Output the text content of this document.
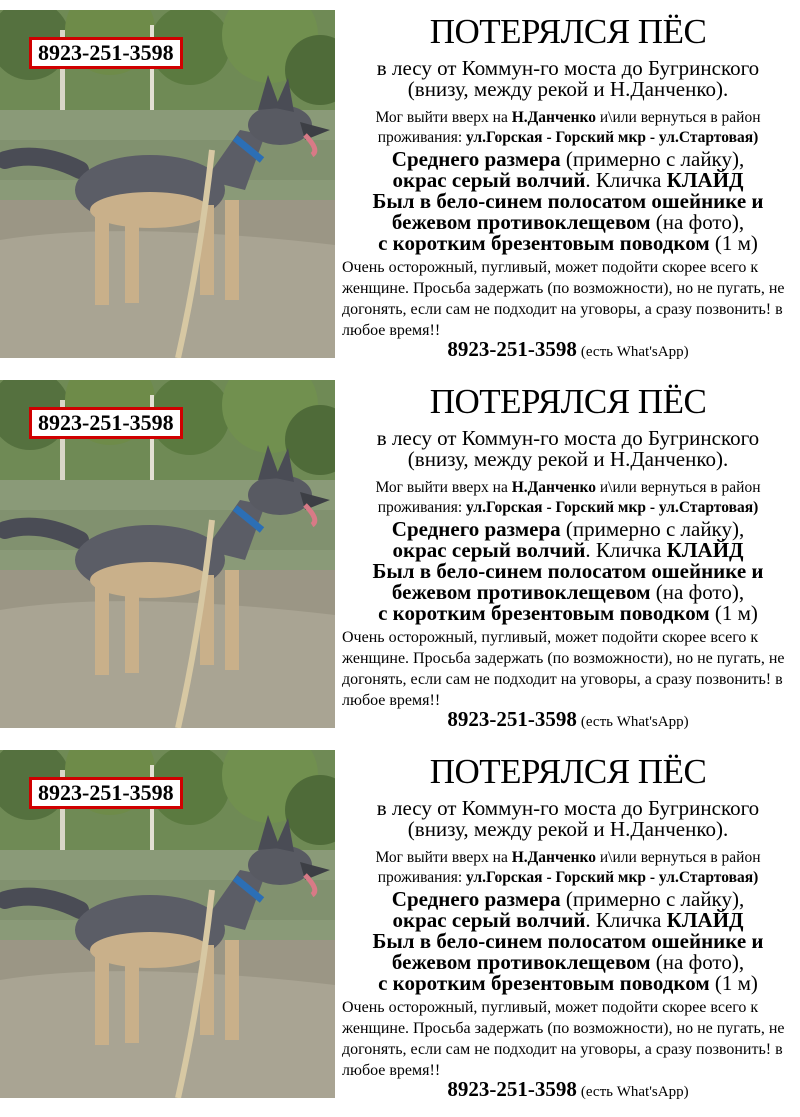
8923-251-3598
ПОТЕРЯЛСЯ ПЁС
в лесу от Коммун-го моста до Бугринского
(внизу, между рекой и Н.Данченко).
Мог выйти вверх на Н.Данченко и\или вернуться в район проживания: ул.Горская - Горский мкр - ул.Стартовая)
Среднего размера (примерно с лайку),
окрас серый волчий. Кличка КЛАЙД
Был в бело-синем полосатом ошейнике и
бежевом противоклещевом (на фото),
с коротким брезентовым поводком (1 м)
Очень осторожный, пугливый, может подойти скорее всего к женщине. Просьба задержать (по возможности), но не пугать, не догонять, если сам не подходит на уговоры, а сразу позвонить! в любое время!!
8923-251-3598 (есть What'sApp)
8923-251-3598
ПОТЕРЯЛСЯ ПЁС
в лесу от Коммун-го моста до Бугринского
(внизу, между рекой и Н.Данченко).
Мог выйти вверх на Н.Данченко и\или вернуться в район проживания: ул.Горская - Горский мкр - ул.Стартовая)
Среднего размера (примерно с лайку),
окрас серый волчий. Кличка КЛАЙД
Был в бело-синем полосатом ошейнике и
бежевом противоклещевом (на фото),
с коротким брезентовым поводком (1 м)
Очень осторожный, пугливый, может подойти скорее всего к женщине. Просьба задержать (по возможности), но не пугать, не догонять, если сам не подходит на уговоры, а сразу позвонить! в любое время!!
8923-251-3598 (есть What'sApp)
8923-251-3598
ПОТЕРЯЛСЯ ПЁС
в лесу от Коммун-го моста до Бугринского
(внизу, между рекой и Н.Данченко).
Мог выйти вверх на Н.Данченко и\или вернуться в район проживания: ул.Горская - Горский мкр - ул.Стартовая)
Среднего размера (примерно с лайку),
окрас серый волчий. Кличка КЛАЙД
Был в бело-синем полосатом ошейнике и
бежевом противоклещевом (на фото),
с коротким брезентовым поводком (1 м)
Очень осторожный, пугливый, может подойти скорее всего к женщине. Просьба задержать (по возможности), но не пугать, не догонять, если сам не подходит на уговоры, а сразу позвонить! в любое время!!
8923-251-3598 (есть What'sApp)
